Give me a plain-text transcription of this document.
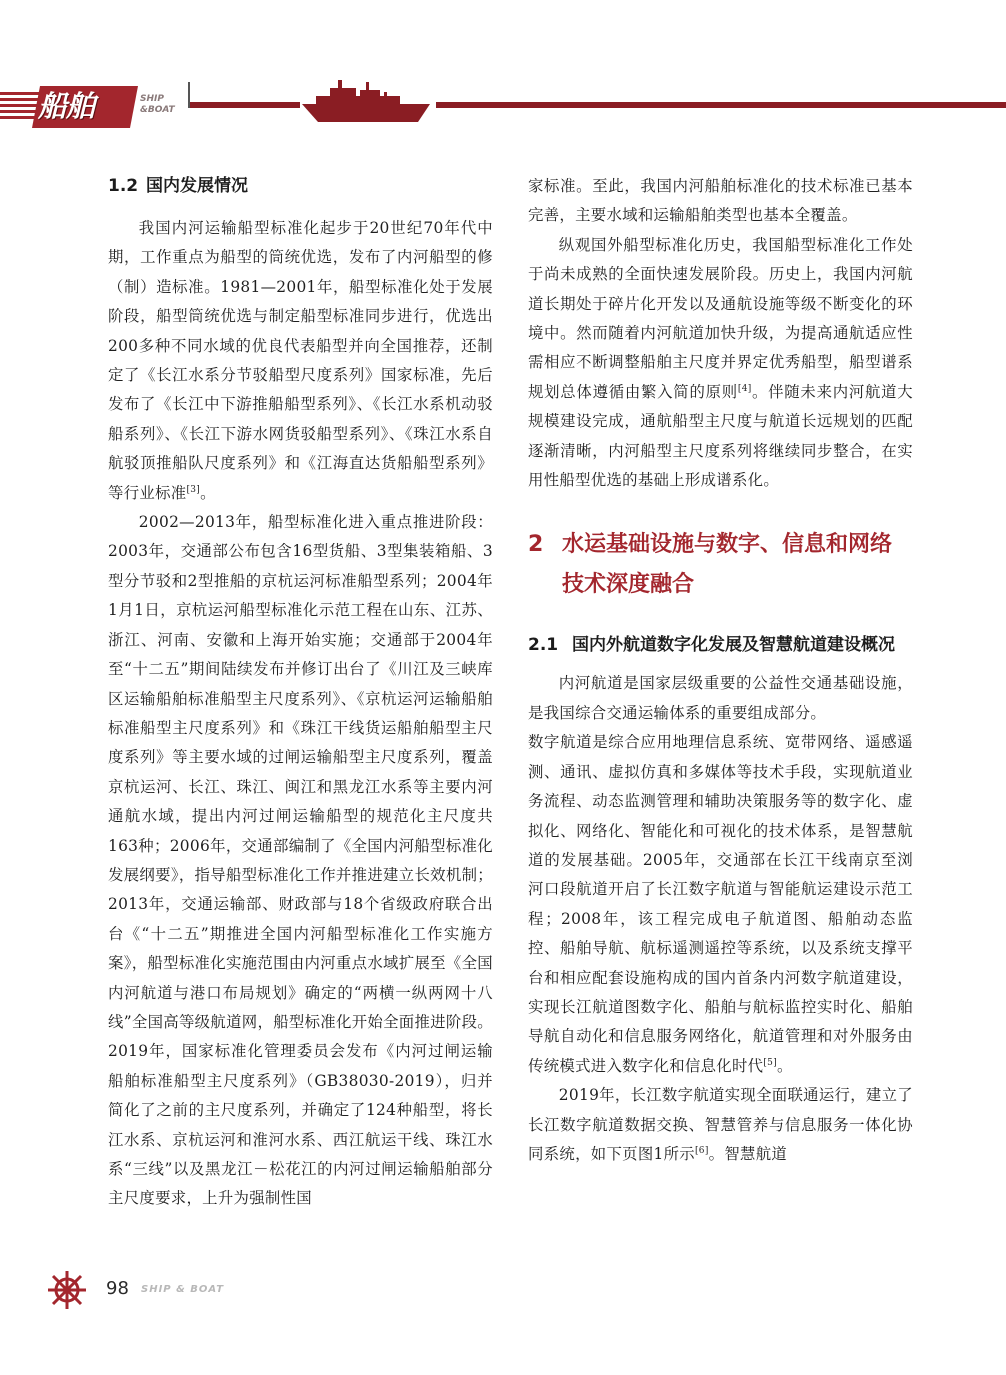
船舶	SHIP
&BOAT
1.2 国内发展情况

我国内河运输船型标准化起步于20世纪70年代中期，工作重点为船型的筒统优选，发布了内河船型的修（制）造标准。1981—2001年，船型标准化处于发展阶段，船型筒统优选与制定船型标准同步进行，优选出200多种不同水域的优良代表船型并向全国推荐，还制定了《长江水系分节驳船型尺度系列》国家标准，先后发布了《长江中下游推船船型系列》、《长江水系机动驳船系列》、《长江下游水网货驳船型系列》、《珠江水系自航驳顶推船队尺度系列》和《江海直达货船船型系列》等行业标准[3]。

2002—2013年，船型标准化进入重点推进阶段：2003年，交通部公布包含16型货船、3型集装箱船、3型分节驳和2型推船的京杭运河标准船型系列；2004年1月1日，京杭运河船型标准化示范工程在山东、江苏、浙江、河南、安徽和上海开始实施；交通部于2004年至“十二五”期间陆续发布并修订出台了《川江及三峡库区运输船舶标准船型主尺度系列》、《京杭运河运输船舶标准船型主尺度系列》和《珠江干线货运船舶船型主尺度系列》等主要水域的过闸运输船型主尺度系列，覆盖京杭运河、长江、珠江、闽江和黑龙江水系等主要内河通航水域，提出内河过闸运输船型的规范化主尺度共163种；2006年，交通部编制了《全国内河船型标准化发展纲要》，指导船型标准化工作并推进建立长效机制；2013年，交通运输部、财政部与18个省级政府联合出台《“十二五”期推进全国内河船型标准化工作实施方案》，船型标准化实施范围由内河重点水域扩展至《全国内河航道与港口布局规划》确定的“两横一纵两网十八线”全国高等级航道网，船型标准化开始全面推进阶段。2019年，国家标准化管理委员会发布《内河过闸运输船舶标准船型主尺度系列》（GB38030-2019），归并简化了之前的主尺度系列，并确定了124种船型，将长江水系、京杭运河和淮河水系、西江航运干线、珠江水系“三线”以及黑龙江－松花江的内河过闸运输船舶部分主尺度要求，上升为强制性国

家标准。至此，我国内河船舶标准化的技术标准已基本完善，主要水域和运输船舶类型也基本全覆盖。

纵观国外船型标准化历史，我国船型标准化工作处于尚未成熟的全面快速发展阶段。历史上，我国内河航道长期处于碎片化开发以及通航设施等级不断变化的环境中。然而随着内河航道加快升级，为提高通航适应性需相应不断调整船舶主尺度并界定优秀船型，船型谱系规划总体遵循由繁入简的原则[4]。伴随未来内河航道大规模建设完成，通航船型主尺度与航道长远规划的匹配逐渐清晰，内河船型主尺度系列将继续同步整合，在实用性船型优选的基础上形成谱系化。

2 水运基础设施与数字、信息和网络技术深度融合
2.1 国内外航道数字化发展及智慧航道建设概况

内河航道是国家层级重要的公益性交通基础设施，是我国综合交通运输体系的重要组成部分。

数字航道是综合应用地理信息系统、宽带网络、遥感遥测、通讯、虚拟仿真和多媒体等技术手段，实现航道业务流程、动态监测管理和辅助决策服务等的数字化、虚拟化、网络化、智能化和可视化的技术体系，是智慧航道的发展基础。2005年，交通部在长江干线南京至浏河口段航道开启了长江数字航道与智能航运建设示范工程；2008年，该工程完成电子航道图、船舶动态监控、船舶导航、航标遥测遥控等系统，以及系统支撑平台和相应配套设施构成的国内首条内河数字航道建设，实现长江航道图数字化、船舶与航标监控实时化、船舶导航自动化和信息服务网络化，航道管理和对外服务由传统模式进入数字化和信息化时代[5]。

2019年，长江数字航道实现全面联通运行，建立了长江数字航道数据交换、智慧管养与信息服务一体化协同系统，如下页图1所示[6]。智慧航道

98 SHIP & BOAT
